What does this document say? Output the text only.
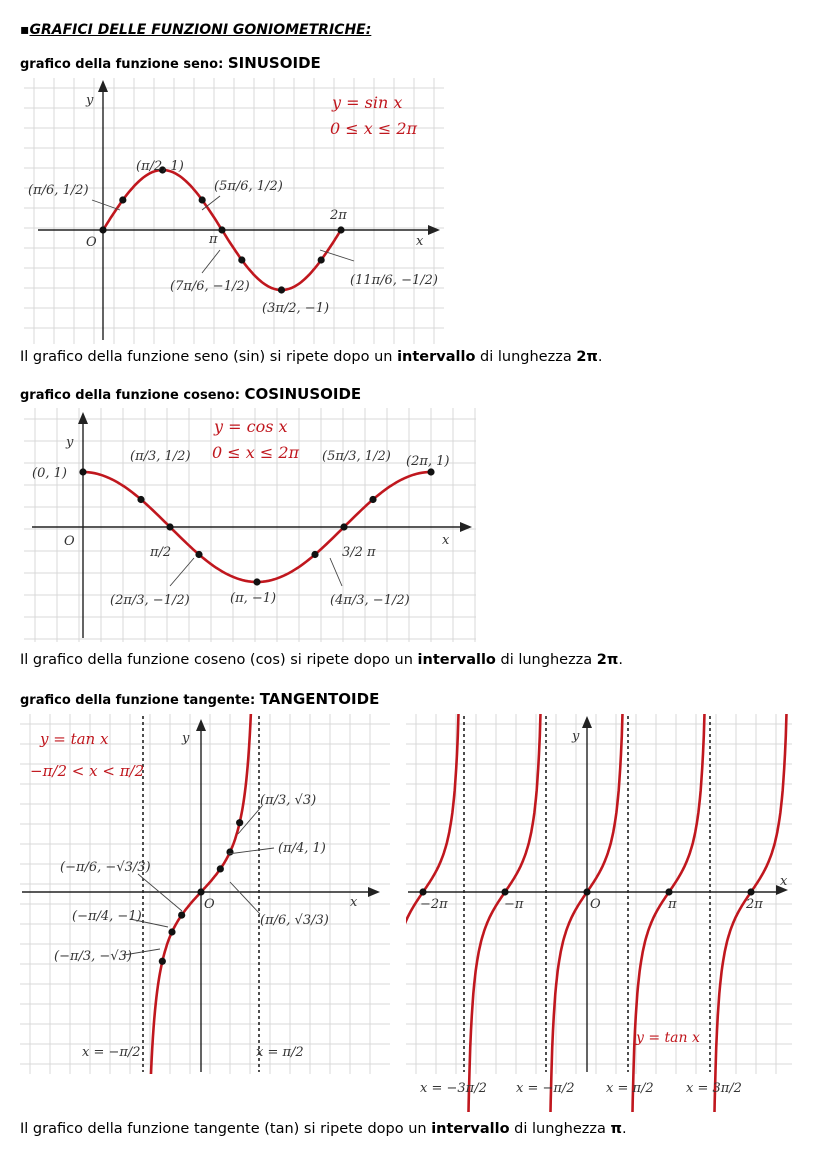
▪GRAFICI DELLE FUNZIONI GONIOMETRICHE:
grafico della funzione seno: SINUSOIDE
x
y
O
y = sin x
0 ≤ x ≤ 2π
π
2π
(π/6, 1/2)
(π/2, 1)
(5π/6, 1/2)
(7π/6, −1/2)
(3π/2, −1)
(11π/6, −1/2)
Il grafico della funzione seno (sin) si ripete dopo un intervallo di lunghezza 2π.
grafico della funzione coseno: COSINUSOIDE
x
y
O
y = cos x
0 ≤ x ≤ 2π
π/2	3/2 π
(0, 1)
(π/3, 1/2)	(5π/3, 1/2) (2π, 1)
(2π/3, −1/2)	(π, −1)	(4π/3, −1/2)
Il grafico della funzione coseno (cos) si ripete dopo un intervallo di lunghezza 2π.
grafico della funzione tangente: TANGENTOIDE
x
y
O
y = tan x
−π/2 < x < π/2
(π/3, √3)
(π/4, 1)
(π/6, √3/3)
(−π/6, −√3/3)
(−π/4, −1)
(−π/3, −√3)
x = −π/2	x = π/2
x
y
O
−2π	−π	π	2π
y = tan x
x = −3π/2 x = −π/2 x = π/2 x = 3π/2
Il grafico della funzione tangente (tan) si ripete dopo un intervallo di lunghezza π.
